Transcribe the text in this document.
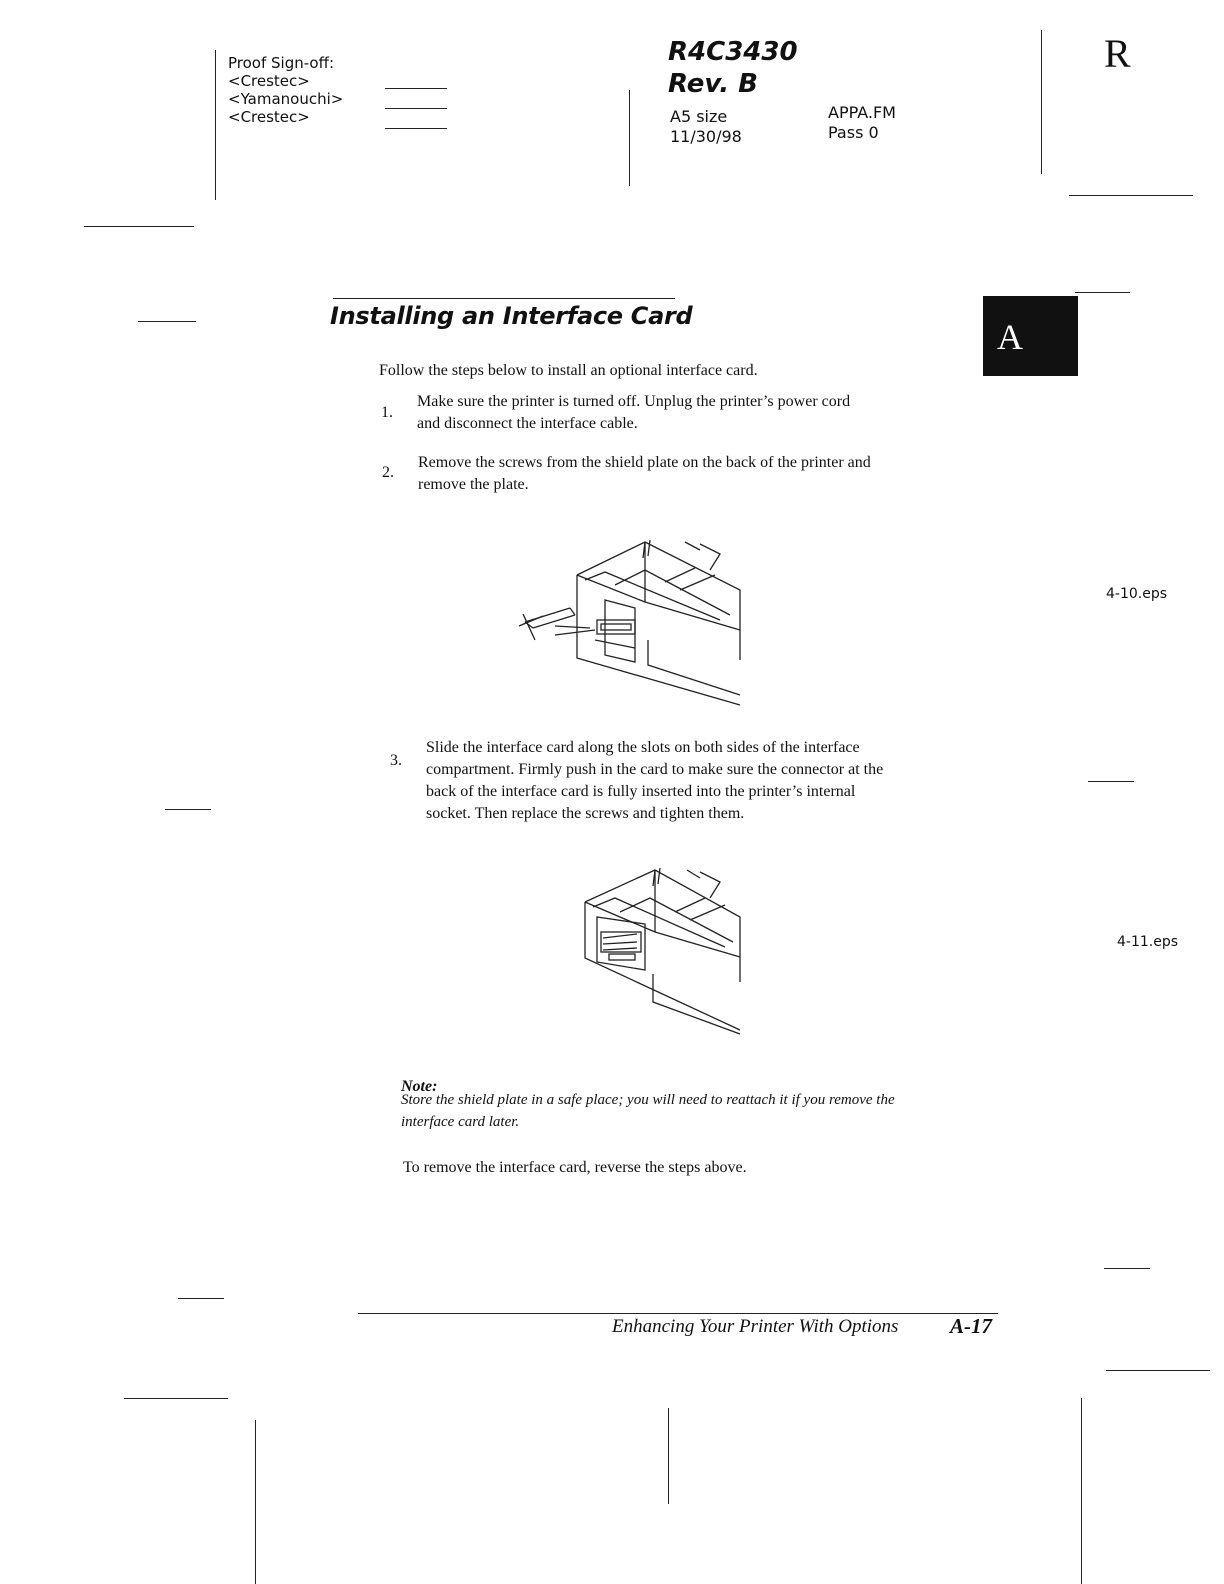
Proof Sign-off:
<Crestec>
<Yamanouchi>
<Crestec>
R4C3430
Rev. B
A5 size
11/30/98
APPA.FM
Pass 0
R
A
Installing an Interface Card
Follow the steps below to install an optional interface card.
1.
Make sure the printer is turned off. Unplug the printer’s power cord
and disconnect the interface cable.
2.
Remove the screws from the shield plate on the back of the printer and
remove the plate.
4-10.eps
3.
Slide the interface card along the slots on both sides of the interface
compartment. Firmly push in the card to make sure the connector at the
back of the interface card is fully inserted into the printer’s internal
socket. Then replace the screws and tighten them.
4-11.eps
Note:
Store the shield plate in a safe place; you will need to reattach it if you remove the
interface card later.
To remove the interface card, reverse the steps above.
Enhancing Your Printer With Options A-17
